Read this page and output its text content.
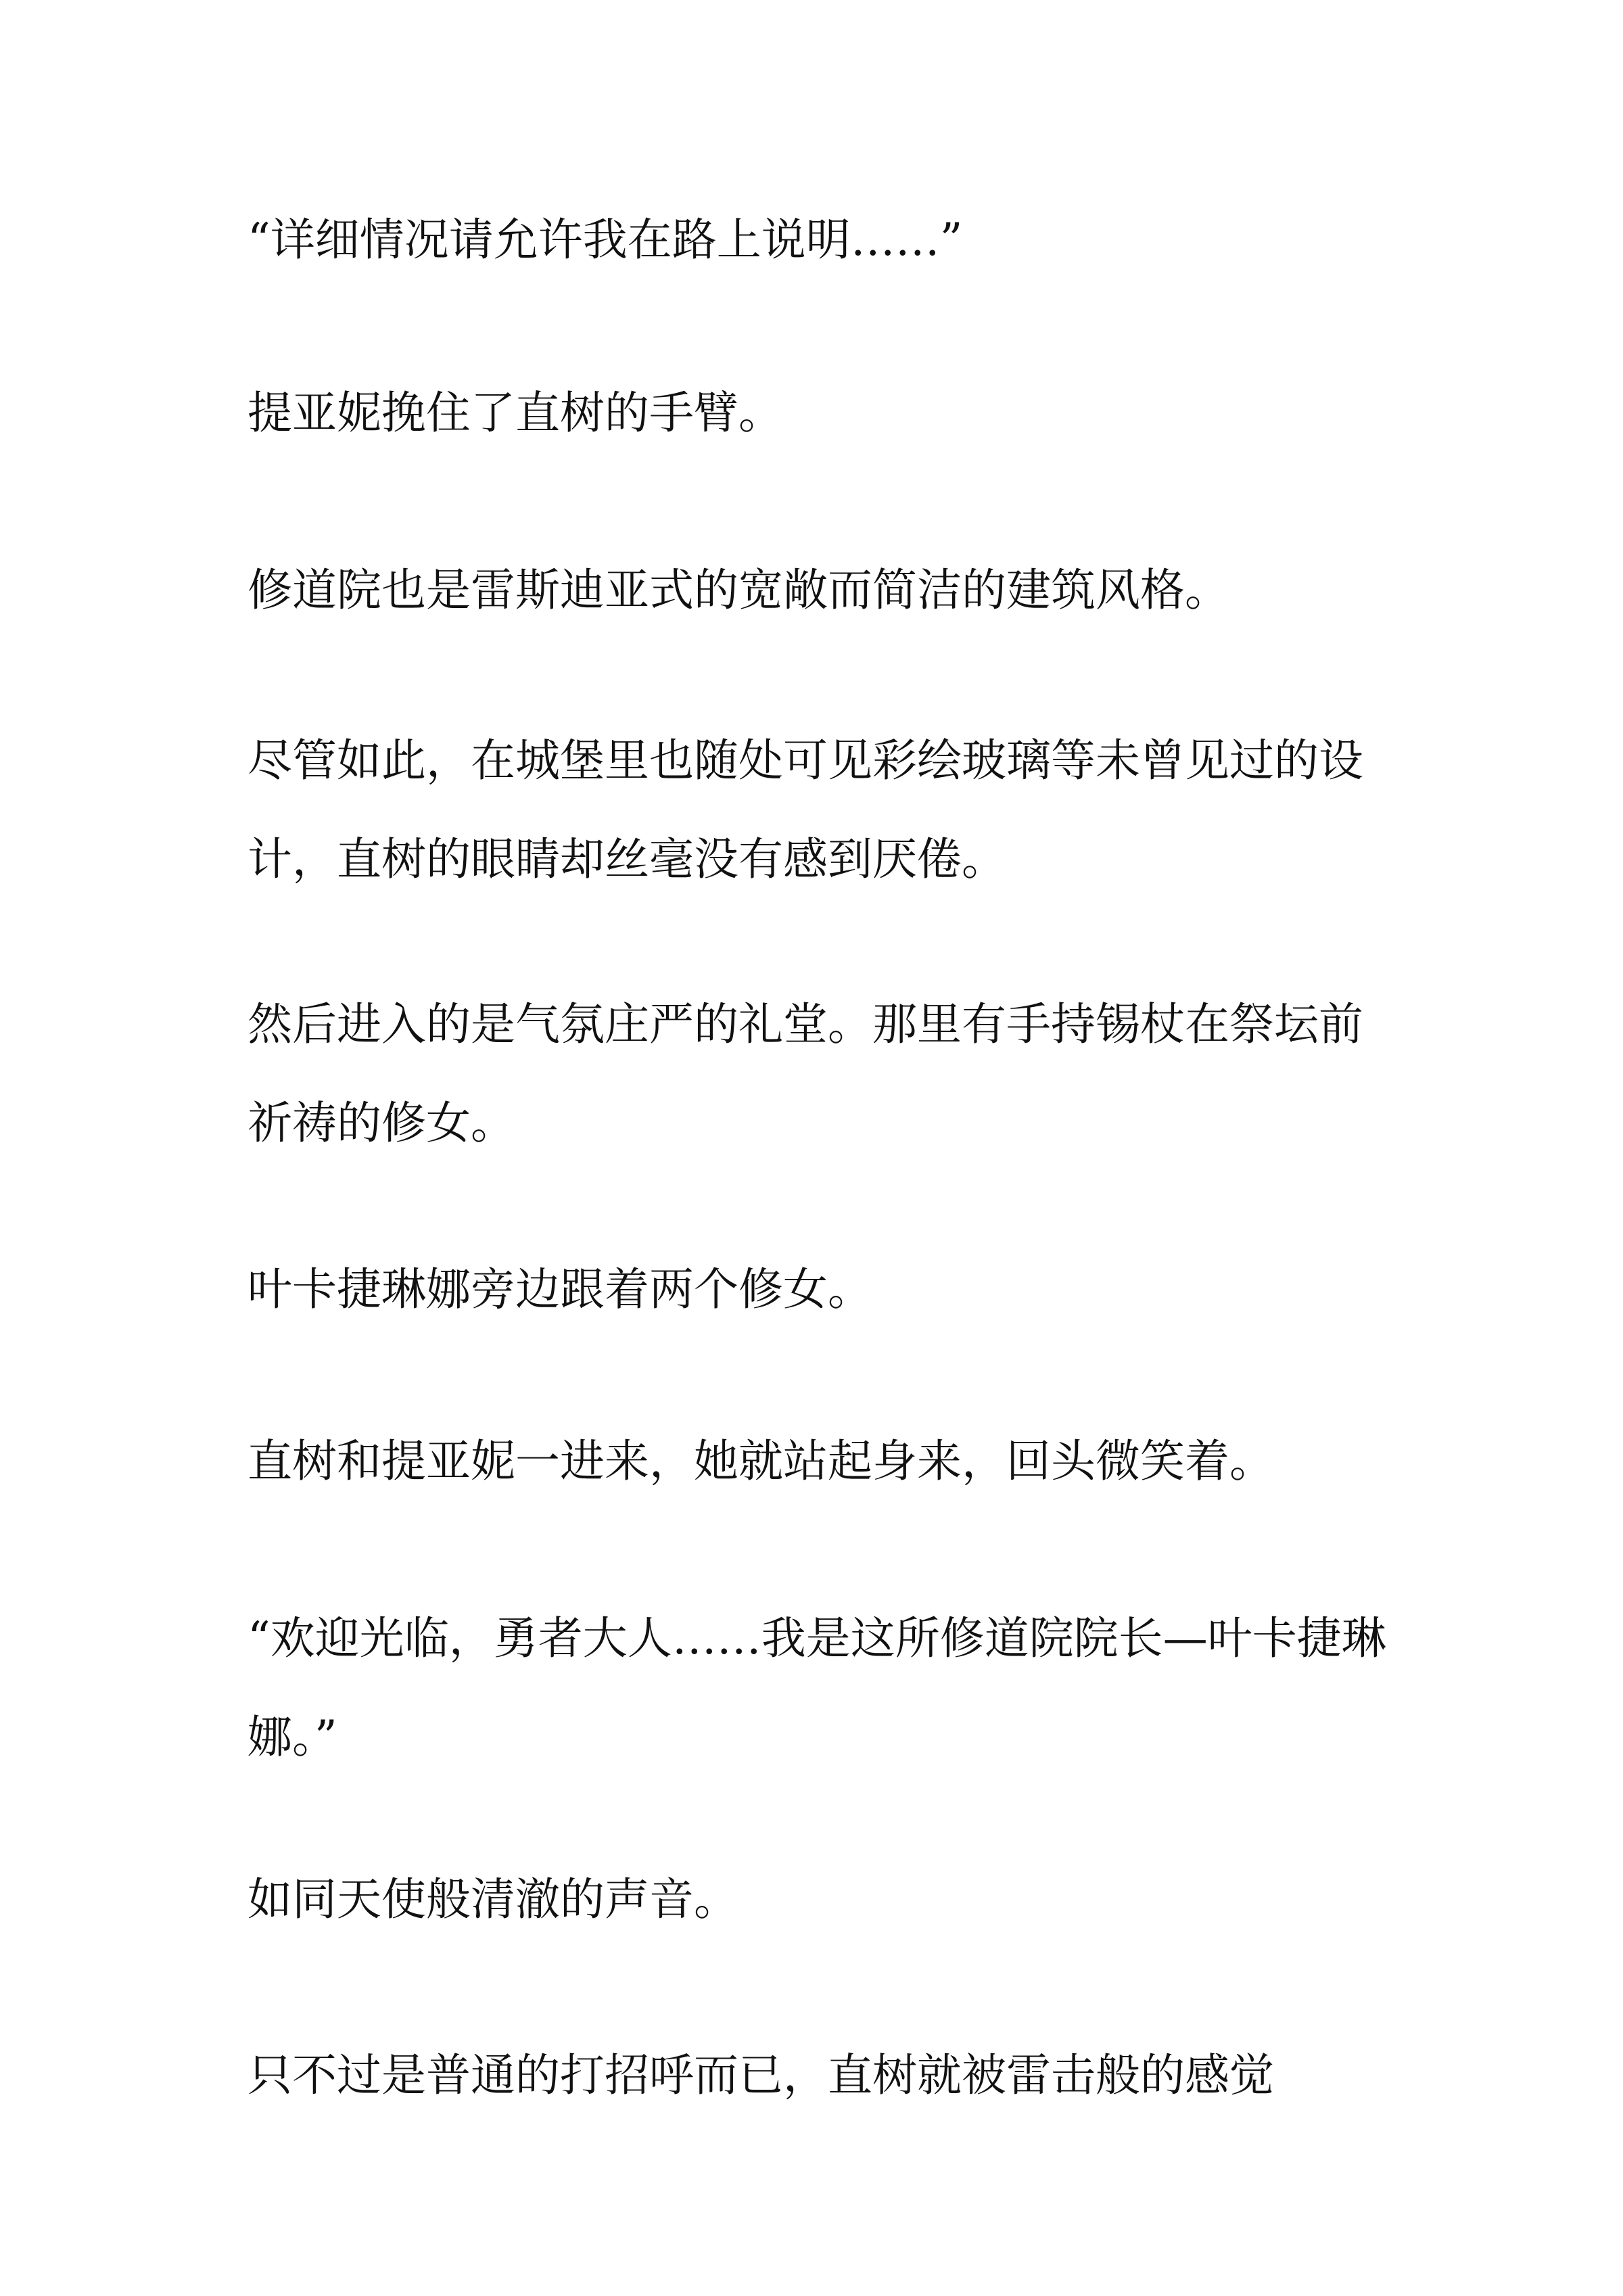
“详细情况请允许我在路上说明……”

提亚妮挽住了直树的手臂。

修道院也是雷斯迪亚式的宽敞而简洁的建筑风格。

尽管如此，在城堡里也随处可见彩绘玻璃等未曾见过的设计，直树的眼睛却丝毫没有感到厌倦。

然后进入的是气氛庄严的礼堂。那里有手持锡杖在祭坛前祈祷的修女。

叶卡捷琳娜旁边跟着两个修女。

直树和提亚妮一进来，她就站起身来，回头微笑着。

“欢迎光临，勇者大人……我是这所修道院院长—叶卡捷琳娜。”

如同天使般清澈的声音。

只不过是普通的打招呼而已，直树就被雷击般的感觉
